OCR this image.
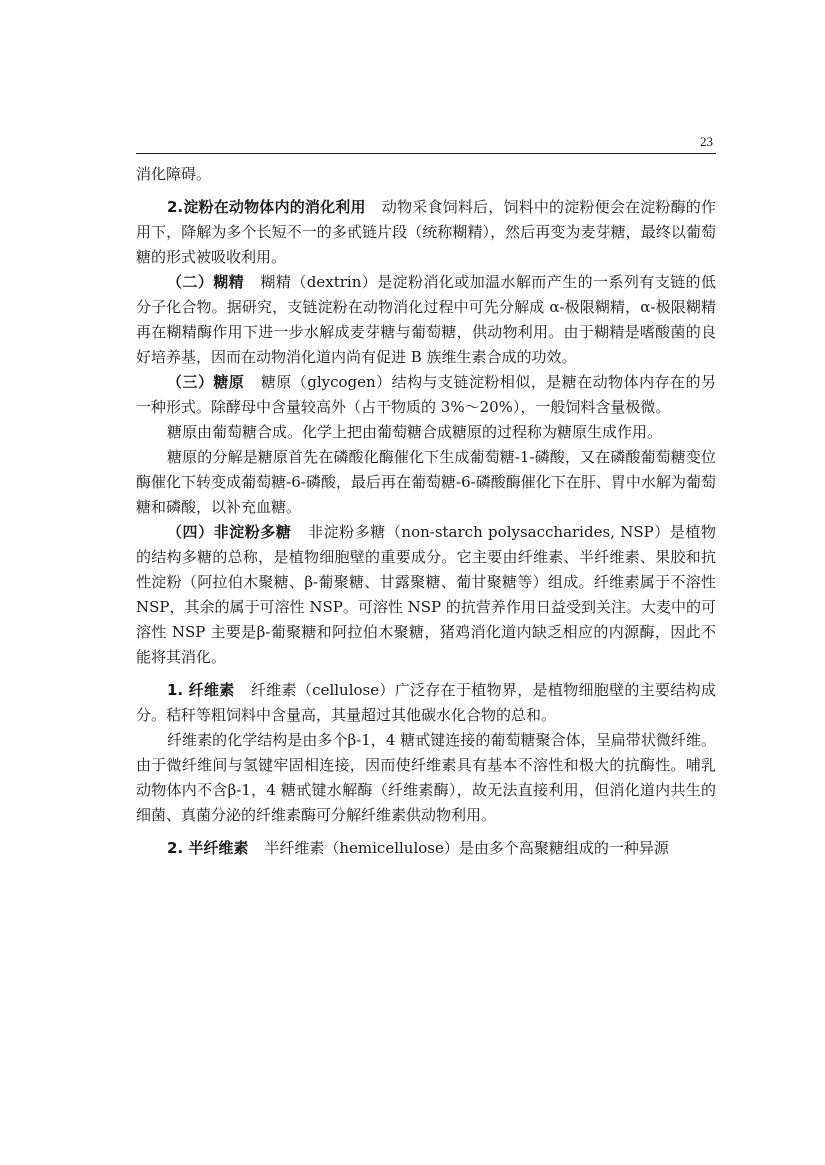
23

消化障碍。

2.淀粉在动物体内的消化利用 动物采食饲料后，饲料中的淀粉便会在淀粉酶的作用下，降解为多个长短不一的多甙链片段（统称糊精），然后再变为麦芽糖，最终以葡萄糖的形式被吸收利用。

（二）糊精 糊精（dextrin）是淀粉消化或加温水解而产生的一系列有支链的低分子化合物。据研究，支链淀粉在动物消化过程中可先分解成 α-极限糊精，α-极限糊精再在糊精酶作用下进一步水解成麦芽糖与葡萄糖，供动物利用。由于糊精是嗜酸菌的良好培养基，因而在动物消化道内尚有促进 B 族维生素合成的功效。

（三）糖原 糖原（glycogen）结构与支链淀粉相似，是糖在动物体内存在的另一种形式。除酵母中含量较高外（占干物质的 3%～20%），一般饲料含量极微。

糖原由葡萄糖合成。化学上把由葡萄糖合成糖原的过程称为糖原生成作用。

糖原的分解是糖原首先在磷酸化酶催化下生成葡萄糖-1-磷酸，又在磷酸葡萄糖变位酶催化下转变成葡萄糖-6-磷酸，最后再在葡萄糖-6-磷酸酶催化下在肝、胃中水解为葡萄糖和磷酸，以补充血糖。

（四）非淀粉多糖 非淀粉多糖（non-starch polysaccharides, NSP）是植物的结构多糖的总称，是植物细胞壁的重要成分。它主要由纤维素、半纤维素、果胶和抗性淀粉（阿拉伯木聚糖、β-葡聚糖、甘露聚糖、葡甘聚糖等）组成。纤维素属于不溶性 NSP，其余的属于可溶性 NSP。可溶性 NSP 的抗营养作用日益受到关注。大麦中的可溶性 NSP 主要是β-葡聚糖和阿拉伯木聚糖，猪鸡消化道内缺乏相应的内源酶，因此不能将其消化。

1. 纤维素 纤维素（cellulose）广泛存在于植物界，是植物细胞壁的主要结构成分。秸秆等粗饲料中含量高，其量超过其他碳水化合物的总和。

纤维素的化学结构是由多个β-1，4 糖甙键连接的葡萄糖聚合体，呈扁带状微纤维。由于微纤维间与氢键牢固相连接，因而使纤维素具有基本不溶性和极大的抗酶性。哺乳动物体内不含β-1，4 糖甙键水解酶（纤维素酶），故无法直接利用，但消化道内共生的细菌、真菌分泌的纤维素酶可分解纤维素供动物利用。

2. 半纤维素 半纤维素（hemicellulose）是由多个高聚糖组成的一种异源
